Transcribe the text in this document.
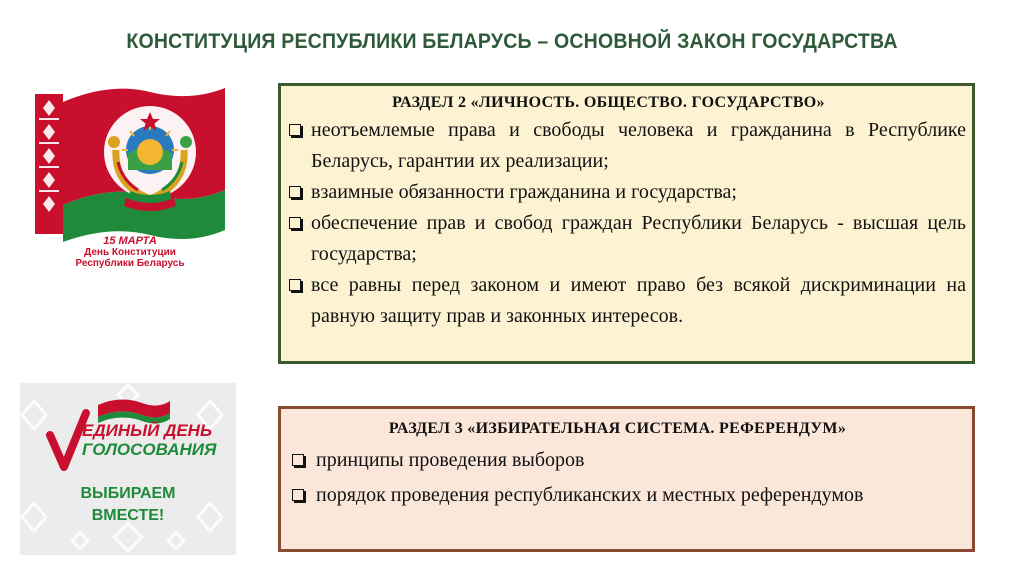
КОНСТИТУЦИЯ РЕСПУБЛИКИ БЕЛАРУСЬ – ОСНОВНОЙ ЗАКОН ГОСУДАРСТВА
15 МАРТА
День Конституции
Республики Беларусь
ЕДИНЫЙ ДЕНЬ
ГОЛОСОВАНИЯ
ВЫБИРАЕМ
ВМЕСТЕ!
РАЗДЕЛ 2 «ЛИЧНОСТЬ. ОБЩЕСТВО. ГОСУДАРСТВО»
неотъемлемые права и свободы человека и гражданина в Республике Беларусь, гарантии их реализации;
взаимные обязанности гражданина и государства;
обеспечение прав и свобод граждан Республики Беларусь - высшая цель государства;
все равны перед законом и имеют право без всякой дискриминации на равную защиту прав и законных интересов.
РАЗДЕЛ 3 «ИЗБИРАТЕЛЬНАЯ СИСТЕМА. РЕФЕРЕНДУМ»
принципы проведения выборов
порядок проведения республиканских и местных референдумов
